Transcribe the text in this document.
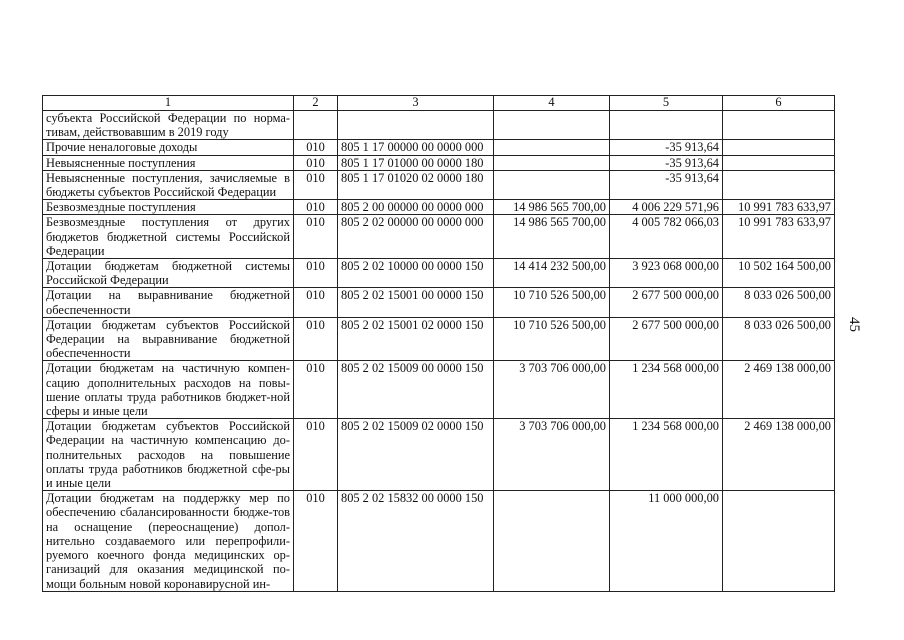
45
1	2	3	4	5	6
субъекта Российской Федерации по норма-тивам, действовавшим в 2019 году					
Прочие неналоговые доходы	010	805 1 17 00000 00 0000 000		-35 913,64	
Невыясненные поступления	010	805 1 17 01000 00 0000 180		-35 913,64	
Невыясненные поступления, зачисляемые в бюджеты субъектов Российской Федерации	010	805 1 17 01020 02 0000 180		-35 913,64	
Безвозмездные поступления	010	805 2 00 00000 00 0000 000	14 986 565 700,00	4 006 229 571,96	10 991 783 633,97
Безвозмездные поступления от других бюджетов бюджетной системы Российской Федерации	010	805 2 02 00000 00 0000 000	14 986 565 700,00	4 005 782 066,03	10 991 783 633,97
Дотации бюджетам бюджетной системы Российской Федерации	010	805 2 02 10000 00 0000 150	14 414 232 500,00	3 923 068 000,00	10 502 164 500,00
Дотации на выравнивание бюджетной обеспеченности	010	805 2 02 15001 00 0000 150	10 710 526 500,00	2 677 500 000,00	8 033 026 500,00
Дотации бюджетам субъектов Российской Федерации на выравнивание бюджетной обеспеченности	010	805 2 02 15001 02 0000 150	10 710 526 500,00	2 677 500 000,00	8 033 026 500,00
Дотации бюджетам на частичную компен-сацию дополнительных расходов на повы-шение оплаты труда работников бюджет-ной сферы и иные цели	010	805 2 02 15009 00 0000 150	3 703 706 000,00	1 234 568 000,00	2 469 138 000,00
Дотации бюджетам субъектов Российской Федерации на частичную компенсацию до-полнительных расходов на повышение оплаты труда работников бюджетной сфе-ры и иные цели	010	805 2 02 15009 02 0000 150	3 703 706 000,00	1 234 568 000,00	2 469 138 000,00
Дотации бюджетам на поддержку мер по обеспечению сбалансированности бюдже-тов на оснащение (переоснащение) допол-нительно создаваемого или перепрофили-руемого коечного фонда медицинских ор-ганизаций для оказания медицинской по-мощи больным новой коронавирусной ин-	010	805 2 02 15832 00 0000 150		11 000 000,00	
